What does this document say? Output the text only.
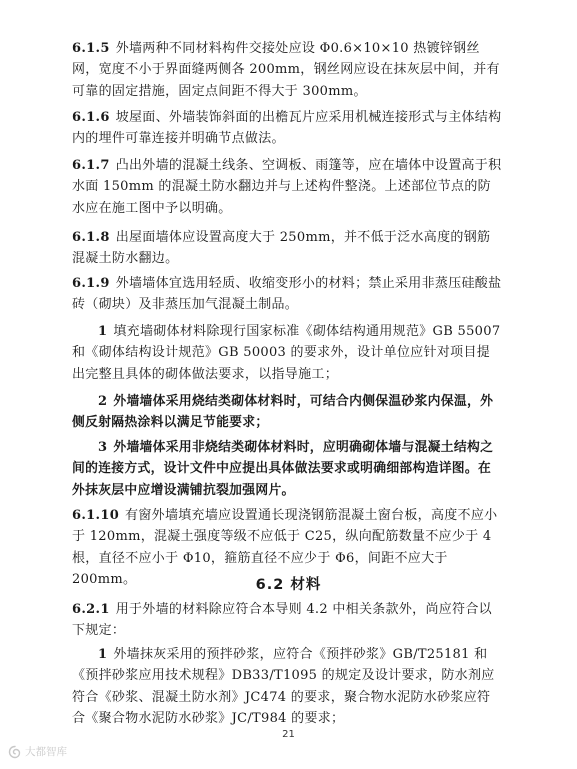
6.1.5 外墙两种不同材料构件交接处应设 Φ0.6×10×10 热镀锌钢丝网，宽度不小于界面缝两侧各 200mm，钢丝网应设在抹灰层中间，并有可靠的固定措施，固定点间距不得大于 300mm。

6.1.6 坡屋面、外墙装饰斜面的出檐瓦片应采用机械连接形式与主体结构内的埋件可靠连接并明确节点做法。

6.1.7 凸出外墙的混凝土线条、空调板、雨篷等，应在墙体中设置高于积水面 150mm 的混凝土防水翻边并与上述构件整浇。上述部位节点的防水应在施工图中予以明确。

6.1.8 出屋面墙体应设置高度大于 250mm，并不低于泛水高度的钢筋混凝土防水翻边。

6.1.9 外墙墙体宜选用轻质、收缩变形小的材料；禁止采用非蒸压硅酸盐砖（砌块）及非蒸压加气混凝土制品。

1 填充墙砌体材料除现行国家标准《砌体结构通用规范》GB 55007 和《砌体结构设计规范》GB 50003 的要求外，设计单位应针对项目提出完整且具体的砌体做法要求，以指导施工；

2 外墙墙体采用烧结类砌体材料时，可结合内侧保温砂浆内保温，外侧反射隔热涂料以满足节能要求；

3 外墙墙体采用非烧结类砌体材料时，应明确砌体墙与混凝土结构之间的连接方式，设计文件中应提出具体做法要求或明确细部构造详图。在外抹灰层中应增设满铺抗裂加强网片。

6.1.10 有窗外墙填充墙应设置通长现浇钢筋混凝土窗台板，高度不应小于 120mm，混凝土强度等级不应低于 C25，纵向配筋数量不应少于 4 根，直径不应小于 Φ10，箍筋直径不应少于 Φ6，间距不应大于 200mm。	6.2 材料

6.2.1 用于外墙的材料除应符合本导则 4.2 中相关条款外，尚应符合以下规定：

1 外墙抹灰采用的预拌砂浆，应符合《预拌砂浆》GB/T25181 和《预拌砂浆应用技术规程》DB33/T1095 的规定及设计要求，防水剂应符合《砂浆、混凝土防水剂》JC474 的要求，聚合物水泥防水砂浆应符合《聚合物水泥防水砂浆》JC/T984 的要求；

21
大都智库
